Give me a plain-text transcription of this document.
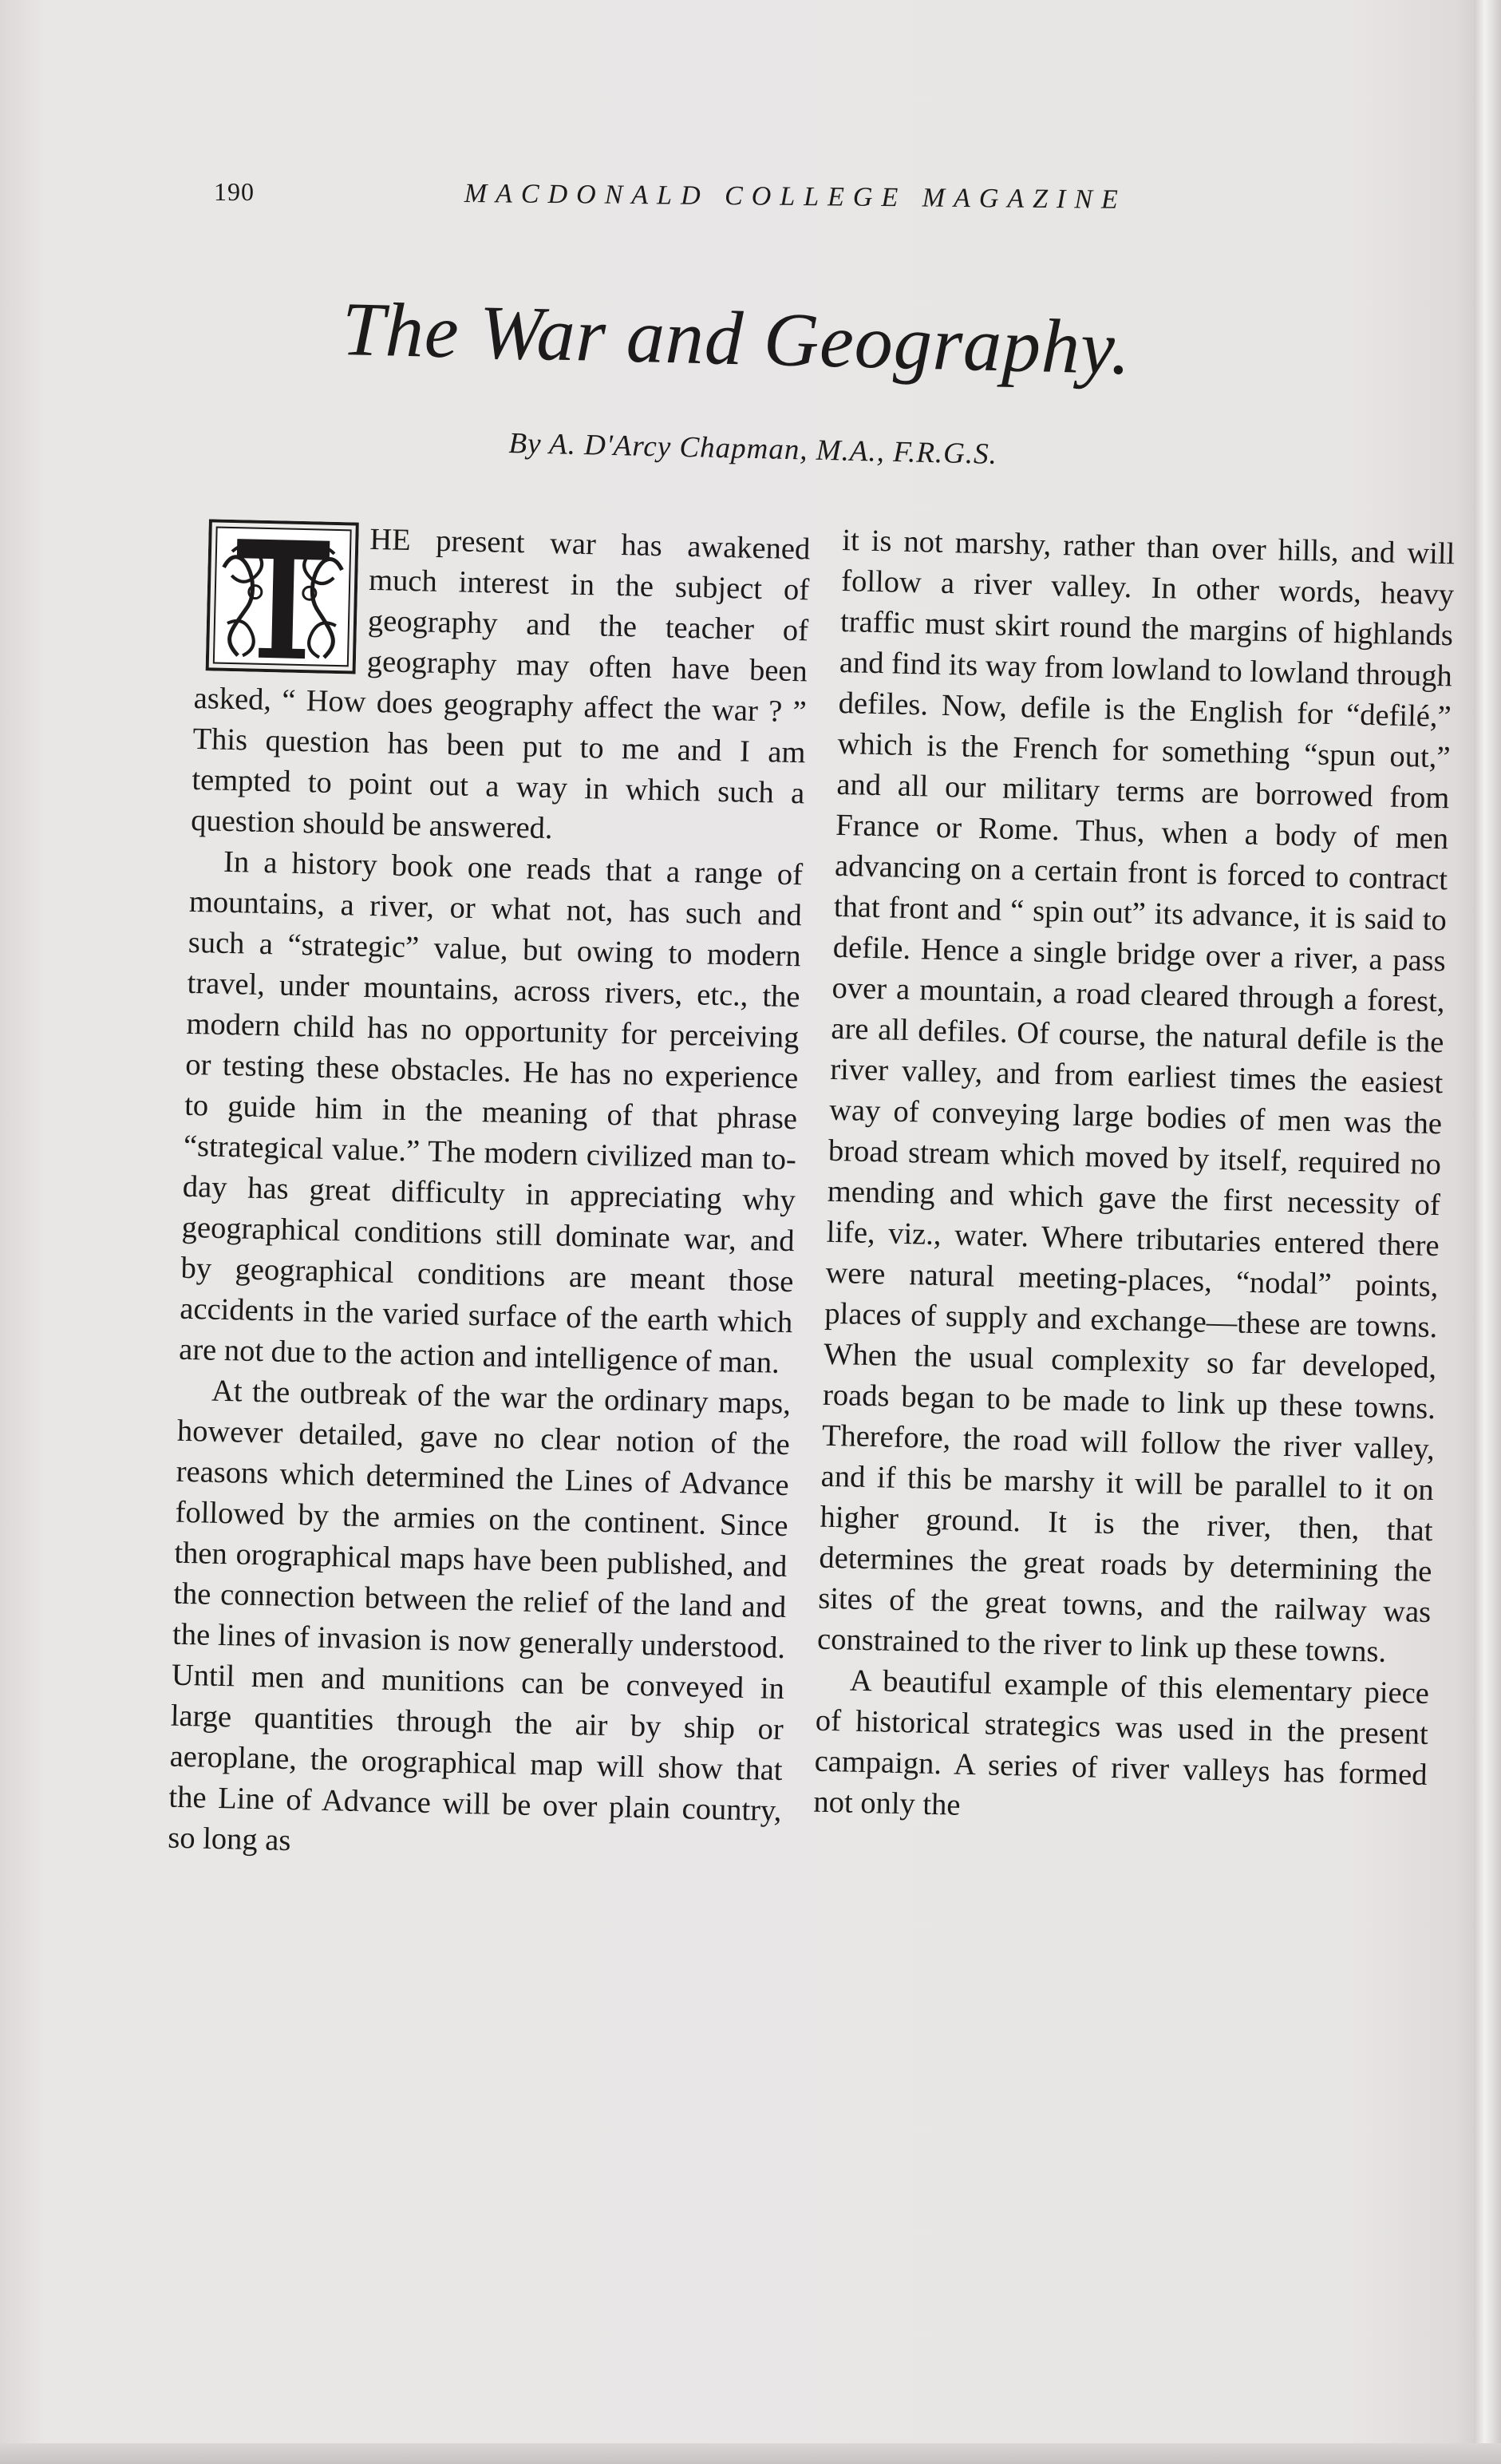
190	MACDONALD COLLEGE MAGAZINE
The War and Geography.
By A. D'Arcy Chapman, M.A., F.R.G.S.

HE present war has awakened much interest in the subject of geography and the teacher of geography may often have been asked, “ How does geography affect the war ? ” This question has been put to me and I am tempted to point out a way in which such a question should be answered.

In a history book one reads that a range of mountains, a river, or what not, has such and such a “strategic” value, but owing to modern travel, under mountains, across rivers, etc., the modern child has no opportunity for perceiving or testing these obstacles. He has no experience to guide him in the meaning of that phrase “strategical value.” The modern civilized man to-day has great difficulty in appreciating why geographical conditions still dominate war, and by geographical conditions are meant those accidents in the varied surface of the earth which are not due to the action and intelligence of man.

At the outbreak of the war the ordinary maps, however detailed, gave no clear notion of the reasons which determined the Lines of Advance followed by the armies on the continent. Since then orographical maps have been published, and the connection between the relief of the land and the lines of invasion is now generally understood. Until men and munitions can be conveyed in large quantities through the air by ship or aeroplane, the orographical map will show that the Line of Advance will be over plain country, so long as

it is not marshy, rather than over hills, and will follow a river valley. In other words, heavy traffic must skirt round the margins of highlands and find its way from lowland to lowland through defiles. Now, defile is the English for “defilé,” which is the French for something “spun out,” and all our military terms are borrowed from France or Rome. Thus, when a body of men advancing on a certain front is forced to contract that front and “ spin out” its advance, it is said to defile. Hence a single bridge over a river, a pass over a mountain, a road cleared through a forest, are all defiles. Of course, the natural defile is the river valley, and from earliest times the easiest way of conveying large bodies of men was the broad stream which moved by itself, required no mending and which gave the first necessity of life, viz., water. Where tributaries entered there were natural meeting-places, “nodal” points, places of supply and exchange—these are towns. When the usual complexity so far developed, roads began to be made to link up these towns. Therefore, the road will follow the river valley, and if this be marshy it will be parallel to it on higher ground. It is the river, then, that determines the great roads by determining the sites of the great towns, and the railway was constrained to the river to link up these towns.

A beautiful example of this elementary piece of historical strategics was used in the present campaign. A series of river valleys has formed not only the
